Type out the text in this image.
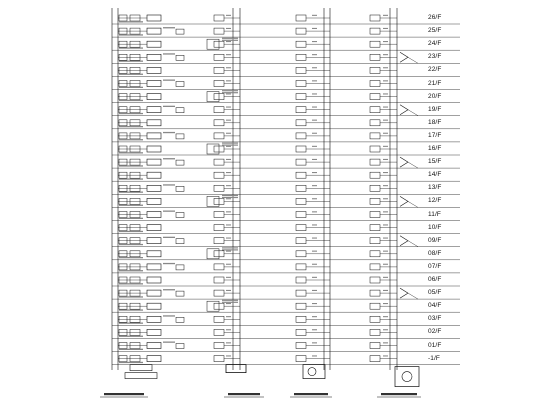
26/F
25/F
24/F
23/F
22/F
21/F
20/F
19/F
18/F
17/F
16/F
15/F
14/F
13/F
12/F
11/F
10/F
09/F
08/F
07/F
06/F
05/F
04/F
03/F
02/F
01/F
-1/F
